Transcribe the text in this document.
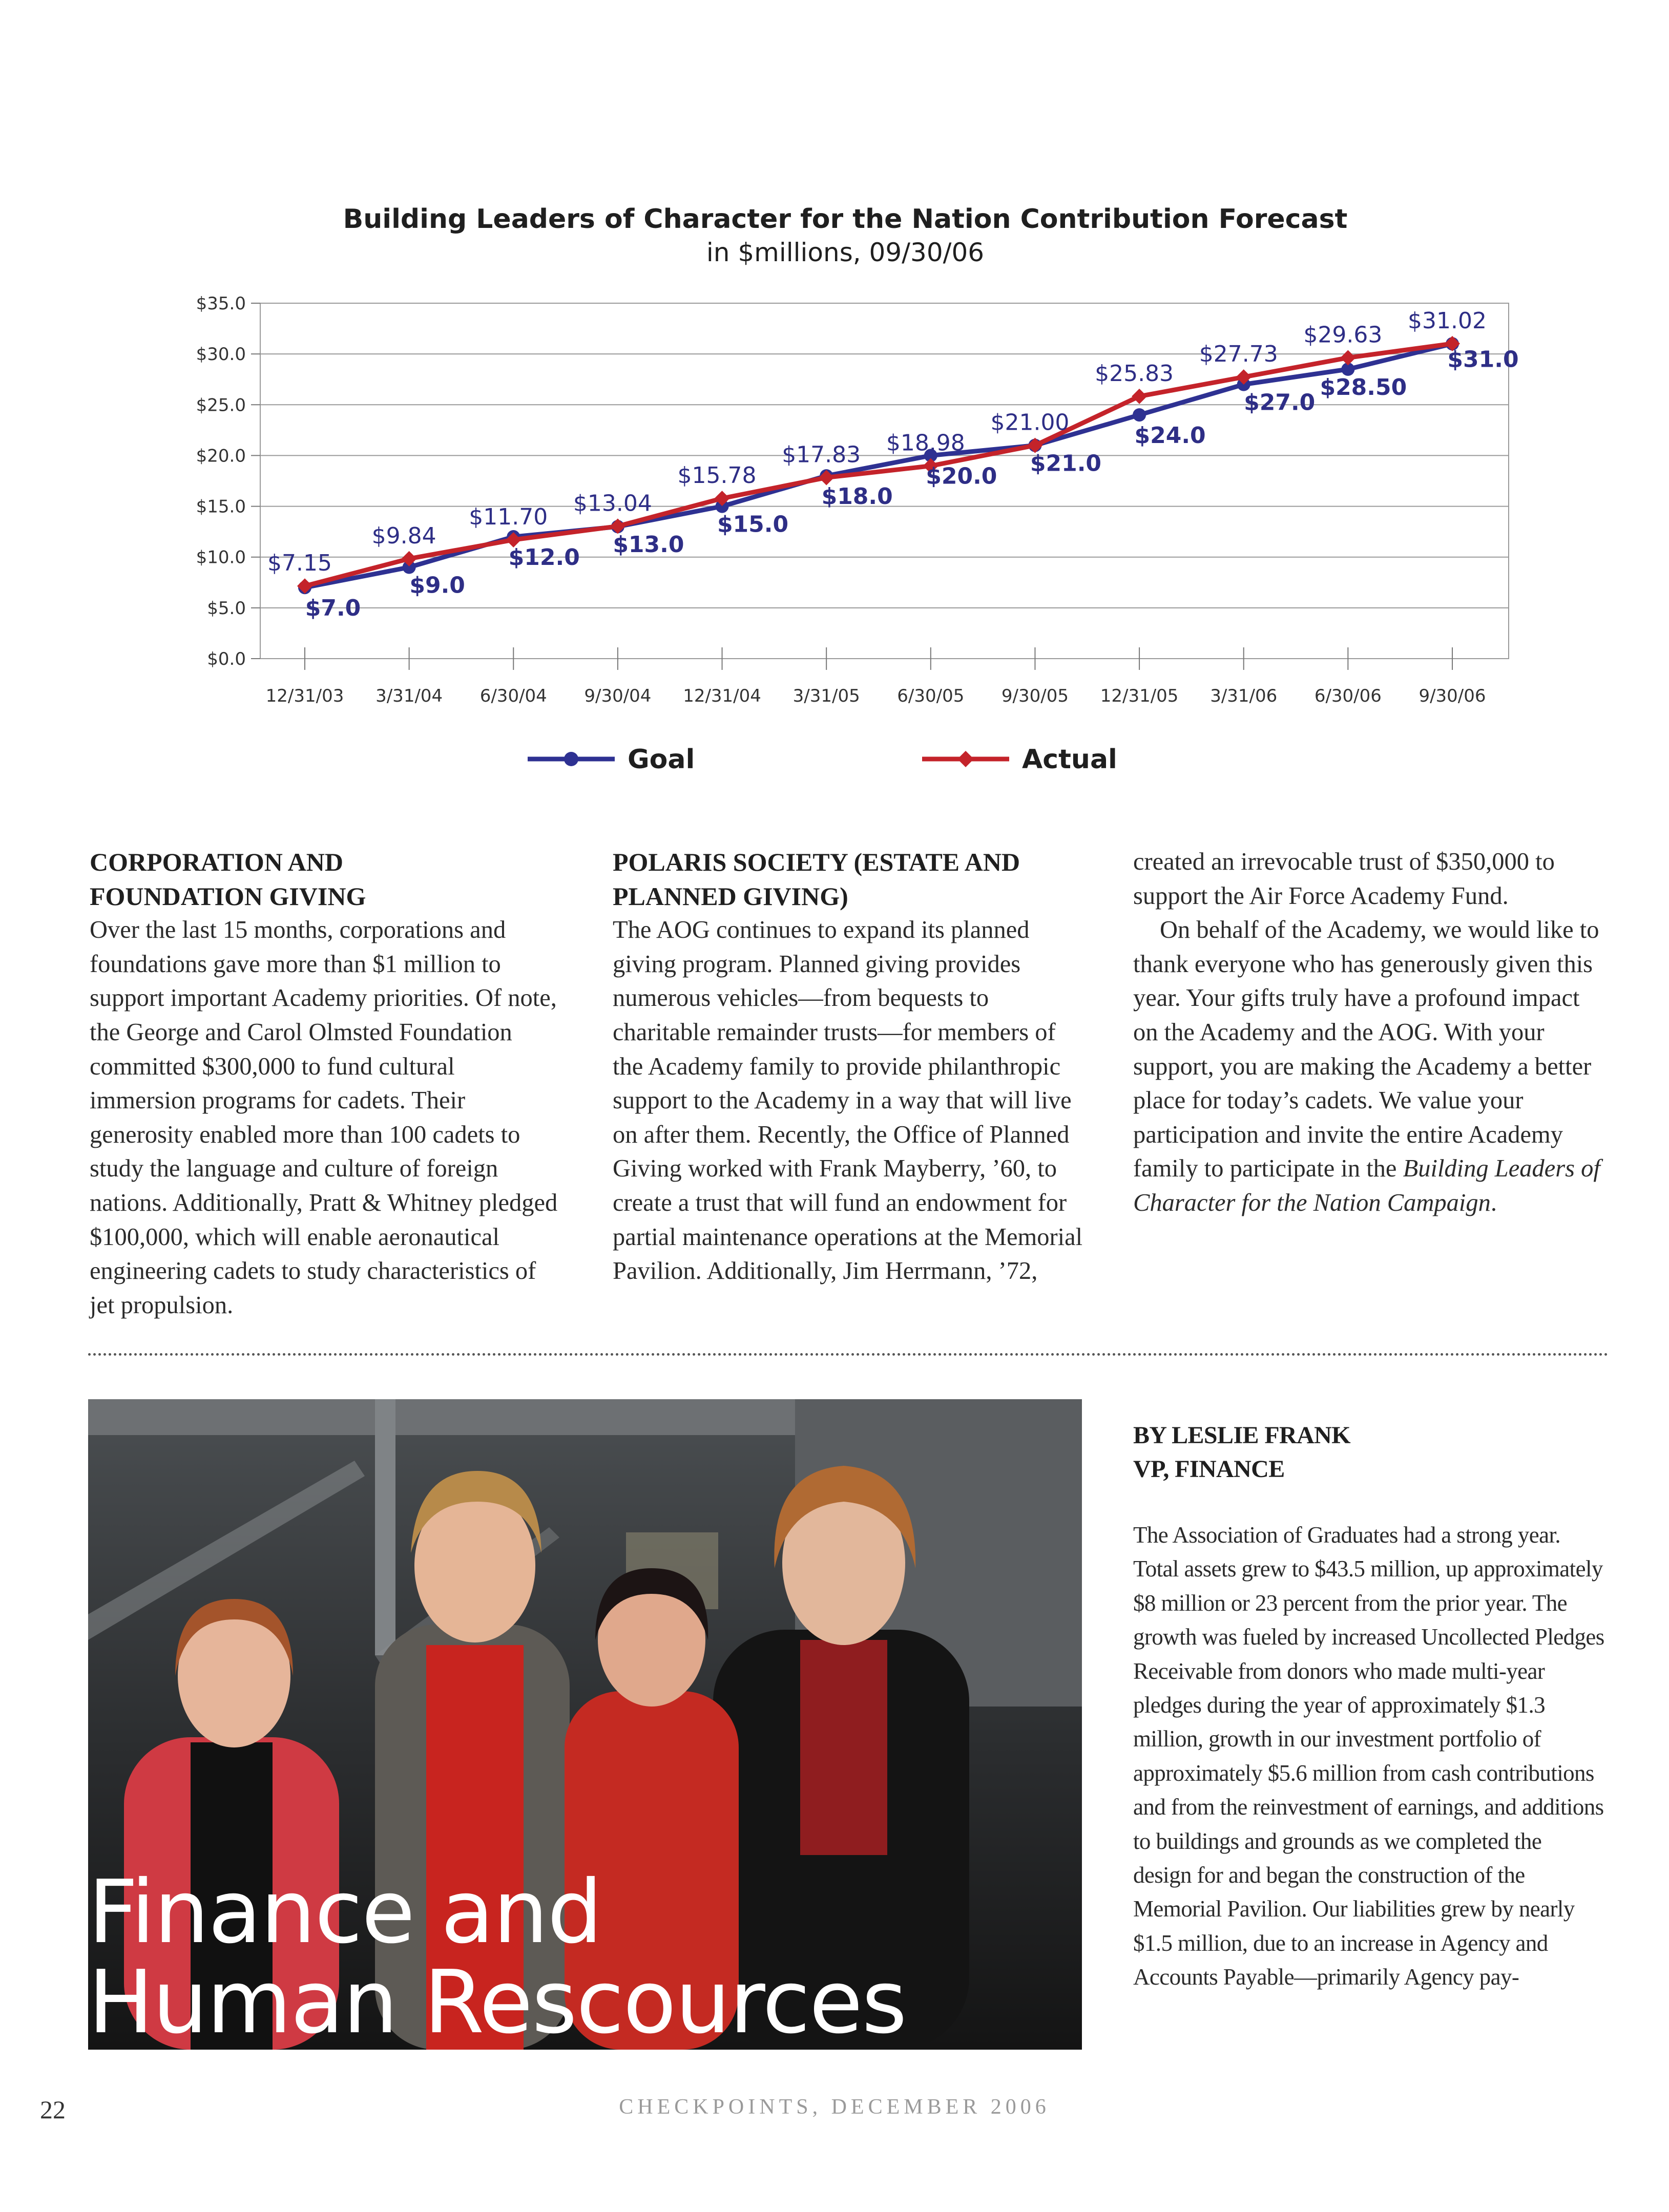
Building Leaders of Character for the Nation Contribution Forecast
in $millions, 09/30/06
$35.0
$30.0
$25.0
$20.0
$15.0
$10.0
$5.0
$0.0
12/31/03 3/31/04 6/30/04 9/30/04 12/31/04 3/31/05 6/30/05 9/30/05 12/31/05 3/31/06 6/30/06 9/30/06
$7.0
$9.0
$12.0 $13.0
$15.0
$18.0
$20.0 $21.0
$24.0
$27.0
$28.50
$31.0
$7.15
$9.84
$11.70
$13.04
$15.78
$17.83 $18.98
$21.00
$25.83
$27.73
$29.63
$31.02
Goal	Actual
CORPORATION AND
FOUNDATION GIVING

Over the last 15 months, corporations and foundations gave more than $1 million to support important Academy priorities. Of note, the George and Carol Olmsted Foundation committed $300,000 to fund cultural immersion programs for cadets. Their generosity enabled more than 100 cadets to study the language and culture of foreign nations. Additionally, Pratt & Whitney pledged $100,000, which will enable aeronautical engineering cadets to study characteristics of jet propulsion.

POLARIS SOCIETY (ESTATE AND
PLANNED GIVING)

The AOG continues to expand its planned giving program. Planned giving provides numerous vehicles—from bequests to charitable remainder trusts—for members of the Academy family to provide philanthropic support to the Academy in a way that will live on after them. Recently, the Office of Planned Giving worked with Frank Mayberry, ’60, to create a trust that will fund an endowment for partial maintenance operations at the Memorial Pavilion. Additionally, Jim Herrmann, ’72,

created an irrevocable trust of $350,000 to support the Air Force Academy Fund.

On behalf of the Academy, we would like to thank everyone who has generously given this year. Your gifts truly have a profound impact on the Academy and the AOG. With your support, you are making the Academy a better place for today’s cadets. We value your participation and invite the entire Academy family to participate in the Building Leaders of Character for the Nation Campaign.

Finance and
Human Rescources
BY LESLIE FRANK
VP, FINANCE

The Association of Graduates had a strong year. Total assets grew to $43.5 million, up approximately $8 million or 23 percent from the prior year. The growth was fueled by increased Uncollected Pledges Receivable from donors who made multi-year pledges during the year of approximately $1.3 million, growth in our investment portfolio of approximately $5.6 million from cash contributions and from the reinvestment of earnings, and additions to buildings and grounds as we completed the design for and began the construction of the Memorial Pavilion. Our liabilities grew by nearly $1.5 million, due to an increase in Agency and Accounts Payable—primarily Agency pay-

22	CHECKPOINTS, DECEMBER 2006
